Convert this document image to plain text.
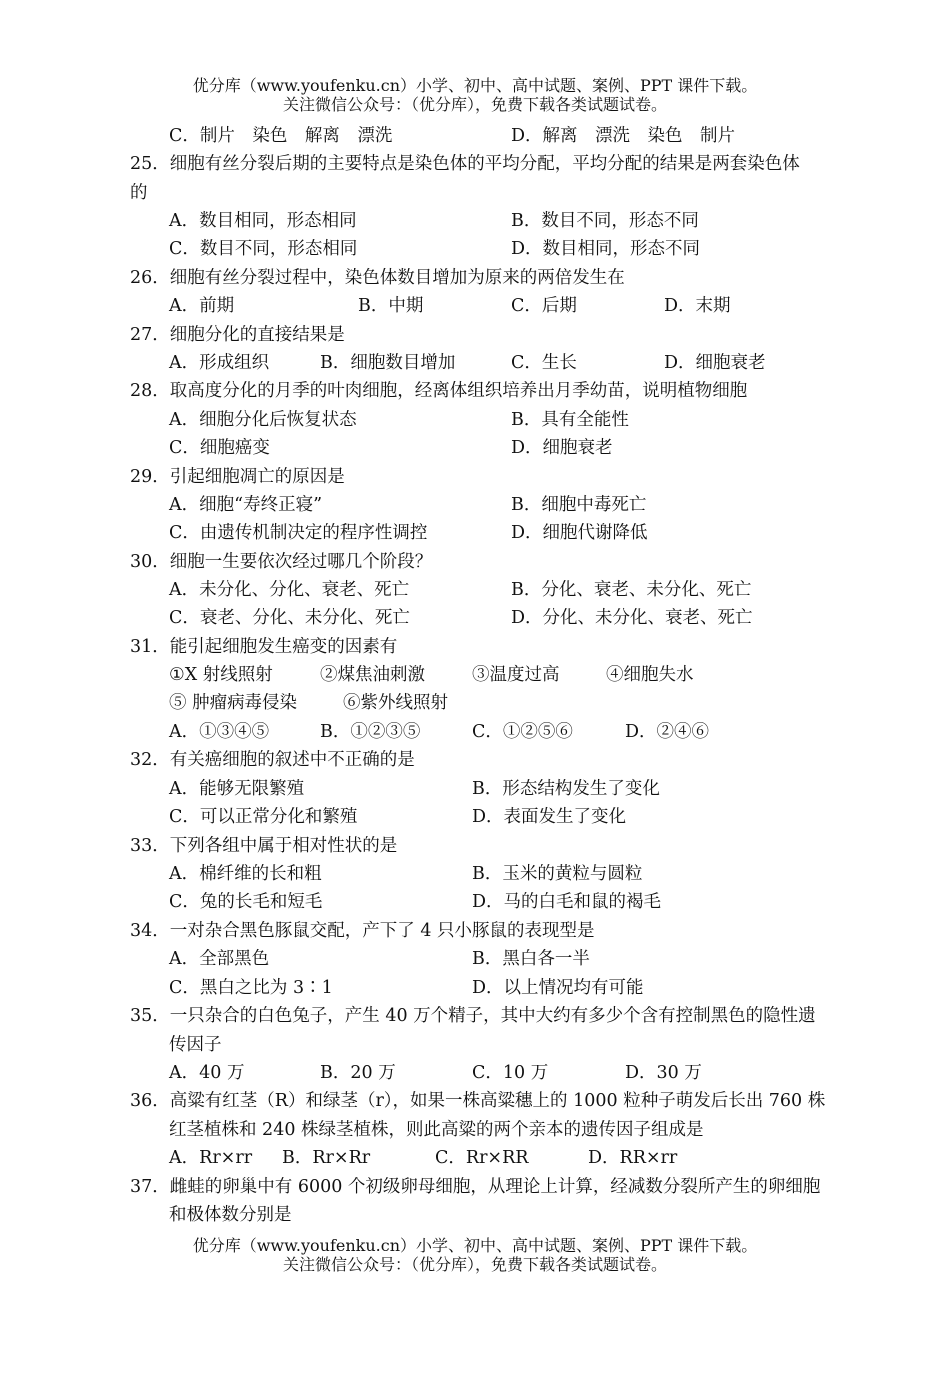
优分库（www.youfenku.cn）小学、初中、高中试题、案例、PPT 课件下载。
关注微信公众号：（优分库），免费下载各类试题试卷。
C．制片　染色　解离　漂洗	D．解离　漂洗　染色　制片
25．细胞有丝分裂后期的主要特点是染色体的平均分配，平均分配的结果是两套染色体
的
A．数目相同，形态相同	B．数目不同，形态不同
C．数目不同，形态相同	D．数目相同，形态不同
26．细胞有丝分裂过程中，染色体数目增加为原来的两倍发生在
A．前期	B．中期	C．后期	D．末期
27．细胞分化的直接结果是
A．形成组织	B．细胞数目增加	C．生长	D．细胞衰老
28．取高度分化的月季的叶肉细胞，经离体组织培养出月季幼苗，说明植物细胞
A．细胞分化后恢复状态	B．具有全能性
C．细胞癌变	D．细胞衰老
29．引起细胞凋亡的原因是
A．细胞“寿终正寝”	B．细胞中毒死亡
C．由遗传机制决定的程序性调控	D．细胞代谢降低
30．细胞一生要依次经过哪几个阶段？
A．未分化、分化、衰老、死亡	B．分化、衰老、未分化、死亡
C．衰老、分化、未分化、死亡	D．分化、未分化、衰老、死亡
31．能引起细胞发生癌变的因素有
①X 射线照射	②煤焦油刺激	③温度过高	④细胞失水
⑤ 肿瘤病毒侵染	⑥紫外线照射
A．①③④⑤	B．①②③⑤	C．①②⑤⑥	D．②④⑥
32．有关癌细胞的叙述中不正确的是
A．能够无限繁殖	B．形态结构发生了变化
C．可以正常分化和繁殖	D．表面发生了变化
33．下列各组中属于相对性状的是
A．棉纤维的长和粗	B．玉米的黄粒与圆粒
C．兔的长毛和短毛	D．马的白毛和鼠的褐毛
34．一对杂合黑色豚鼠交配，产下了 4 只小豚鼠的表现型是
A．全部黑色	B．黑白各一半
C．黑白之比为 3∶1	D．以上情况均有可能
35．一只杂合的白色兔子，产生 40 万个精子，其中大约有多少个含有控制黑色的隐性遗
传因子
A．40 万	B．20 万	C．10 万	D．30 万
36．高粱有红茎（R）和绿茎（r），如果一株高粱穗上的 1000 粒种子萌发后长出 760 株
红茎植株和 240 株绿茎植株，则此高粱的两个亲本的遗传因子组成是
A．Rr×rr B．Rr×Rr	C．Rr×RR	D．RR×rr
37．雌蛙的卵巢中有 6000 个初级卵母细胞，从理论上计算，经减数分裂所产生的卵细胞
和极体数分别是
优分库（www.youfenku.cn）小学、初中、高中试题、案例、PPT 课件下载。
关注微信公众号：（优分库），免费下载各类试题试卷。
